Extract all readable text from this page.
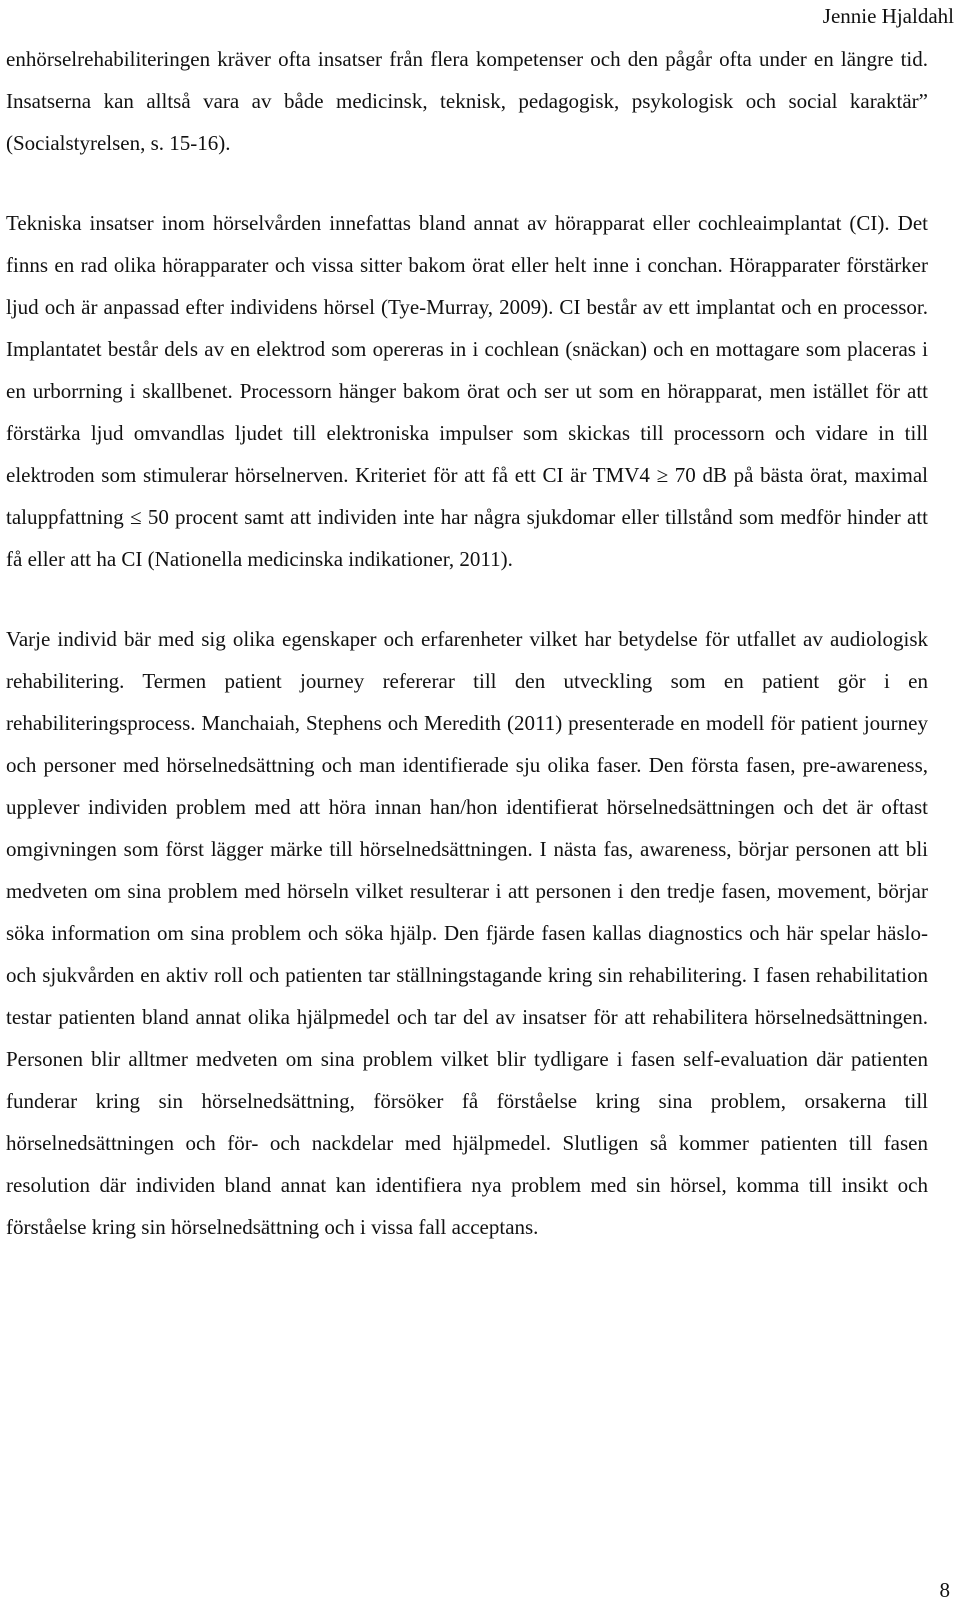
Jennie Hjaldahl

enhörselrehabiliteringen kräver ofta insatser från flera kompetenser och den pågår ofta under en längre tid. Insatserna kan alltså vara av både medicinsk, teknisk, pedagogisk, psykologisk och social karaktär” (Socialstyrelsen, s. 15-16).

Tekniska insatser inom hörselvården innefattas bland annat av hörapparat eller cochleaimplantat (CI). Det finns en rad olika hörapparater och vissa sitter bakom örat eller helt inne i conchan. Hörapparater förstärker ljud och är anpassad efter individens hörsel (Tye-Murray, 2009). CI består av ett implantat och en processor. Implantatet består dels av en elektrod som opereras in i cochlean (snäckan) och en mottagare som placeras i en urborrning i skallbenet. Processorn hänger bakom örat och ser ut som en hörapparat, men istället för att förstärka ljud omvandlas ljudet till elektroniska impulser som skickas till processorn och vidare in till elektroden som stimulerar hörselnerven. Kriteriet för att få ett CI är TMV4 ≥ 70 dB på bästa örat, maximal taluppfattning ≤ 50 procent samt att individen inte har några sjukdomar eller tillstånd som medför hinder att få eller att ha CI (Nationella medicinska indikationer, 2011).

Varje individ bär med sig olika egenskaper och erfarenheter vilket har betydelse för utfallet av audiologisk rehabilitering. Termen patient journey refererar till den utveckling som en patient gör i en rehabiliteringsprocess. Manchaiah, Stephens och Meredith (2011) presenterade en modell för patient journey och personer med hörselnedsättning och man identifierade sju olika faser. Den första fasen, pre-awareness, upplever individen problem med att höra innan han/hon identifierat hörselnedsättningen och det är oftast omgivningen som först lägger märke till hörselnedsättningen. I nästa fas, awareness, börjar personen att bli medveten om sina problem med hörseln vilket resulterar i att personen i den tredje fasen, movement, börjar söka information om sina problem och söka hjälp. Den fjärde fasen kallas diagnostics och här spelar häslo- och sjukvården en aktiv roll och patienten tar ställningstagande kring sin rehabilitering. I fasen rehabilitation testar patienten bland annat olika hjälpmedel och tar del av insatser för att rehabilitera hörselnedsättningen. Personen blir alltmer medveten om sina problem vilket blir tydligare i fasen self-evaluation där patienten funderar kring sin hörselnedsättning, försöker få förståelse kring sina problem, orsakerna till hörselnedsättningen och för- och nackdelar med hjälpmedel. Slutligen så kommer patienten till fasen resolution där individen bland annat kan identifiera nya problem med sin hörsel, komma till insikt och förståelse kring sin hörselnedsättning och i vissa fall acceptans.

8
